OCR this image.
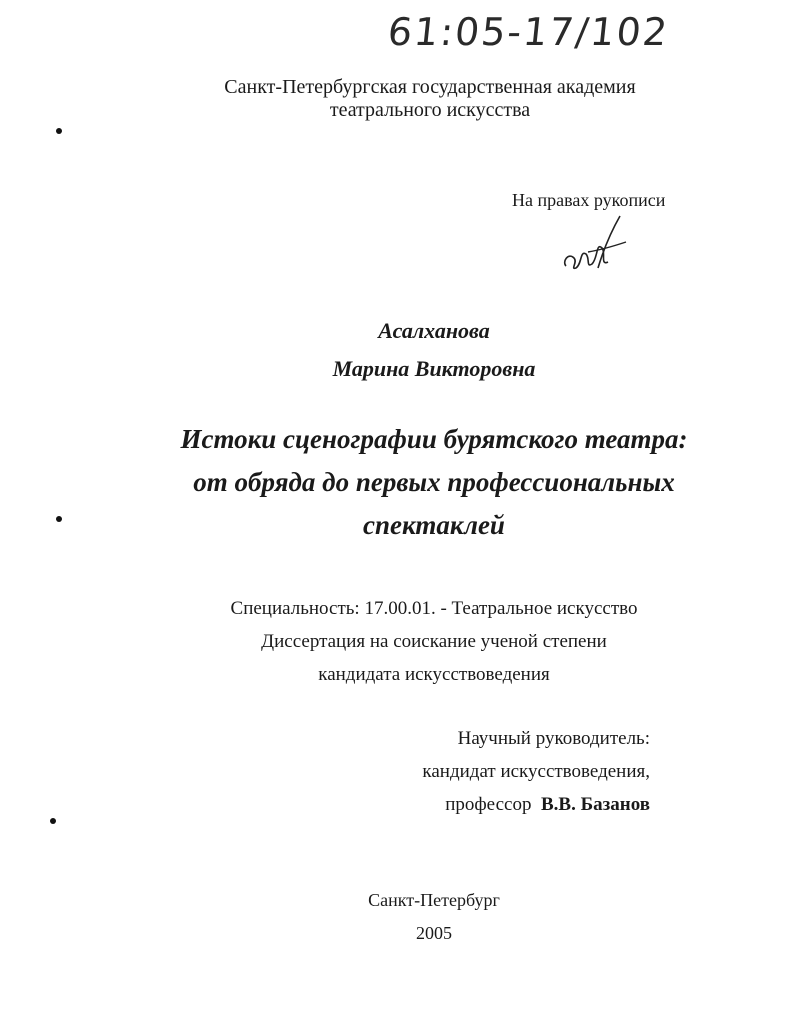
61:05-17/102
Санкт-Петербургская государственная академия
театрального искусства
На правах рукописи
Асалханова
Марина Викторовна
Истоки сценографии бурятского театра:
от обряда до первых профессиональных
спектаклей
Специальность: 17.00.01. - Театральное искусство
Диссертация на соискание ученой степени
кандидата искусствоведения
Научный руководитель:
кандидат искусствоведения,
профессор В.В. Базанов
Санкт-Петербург
2005
